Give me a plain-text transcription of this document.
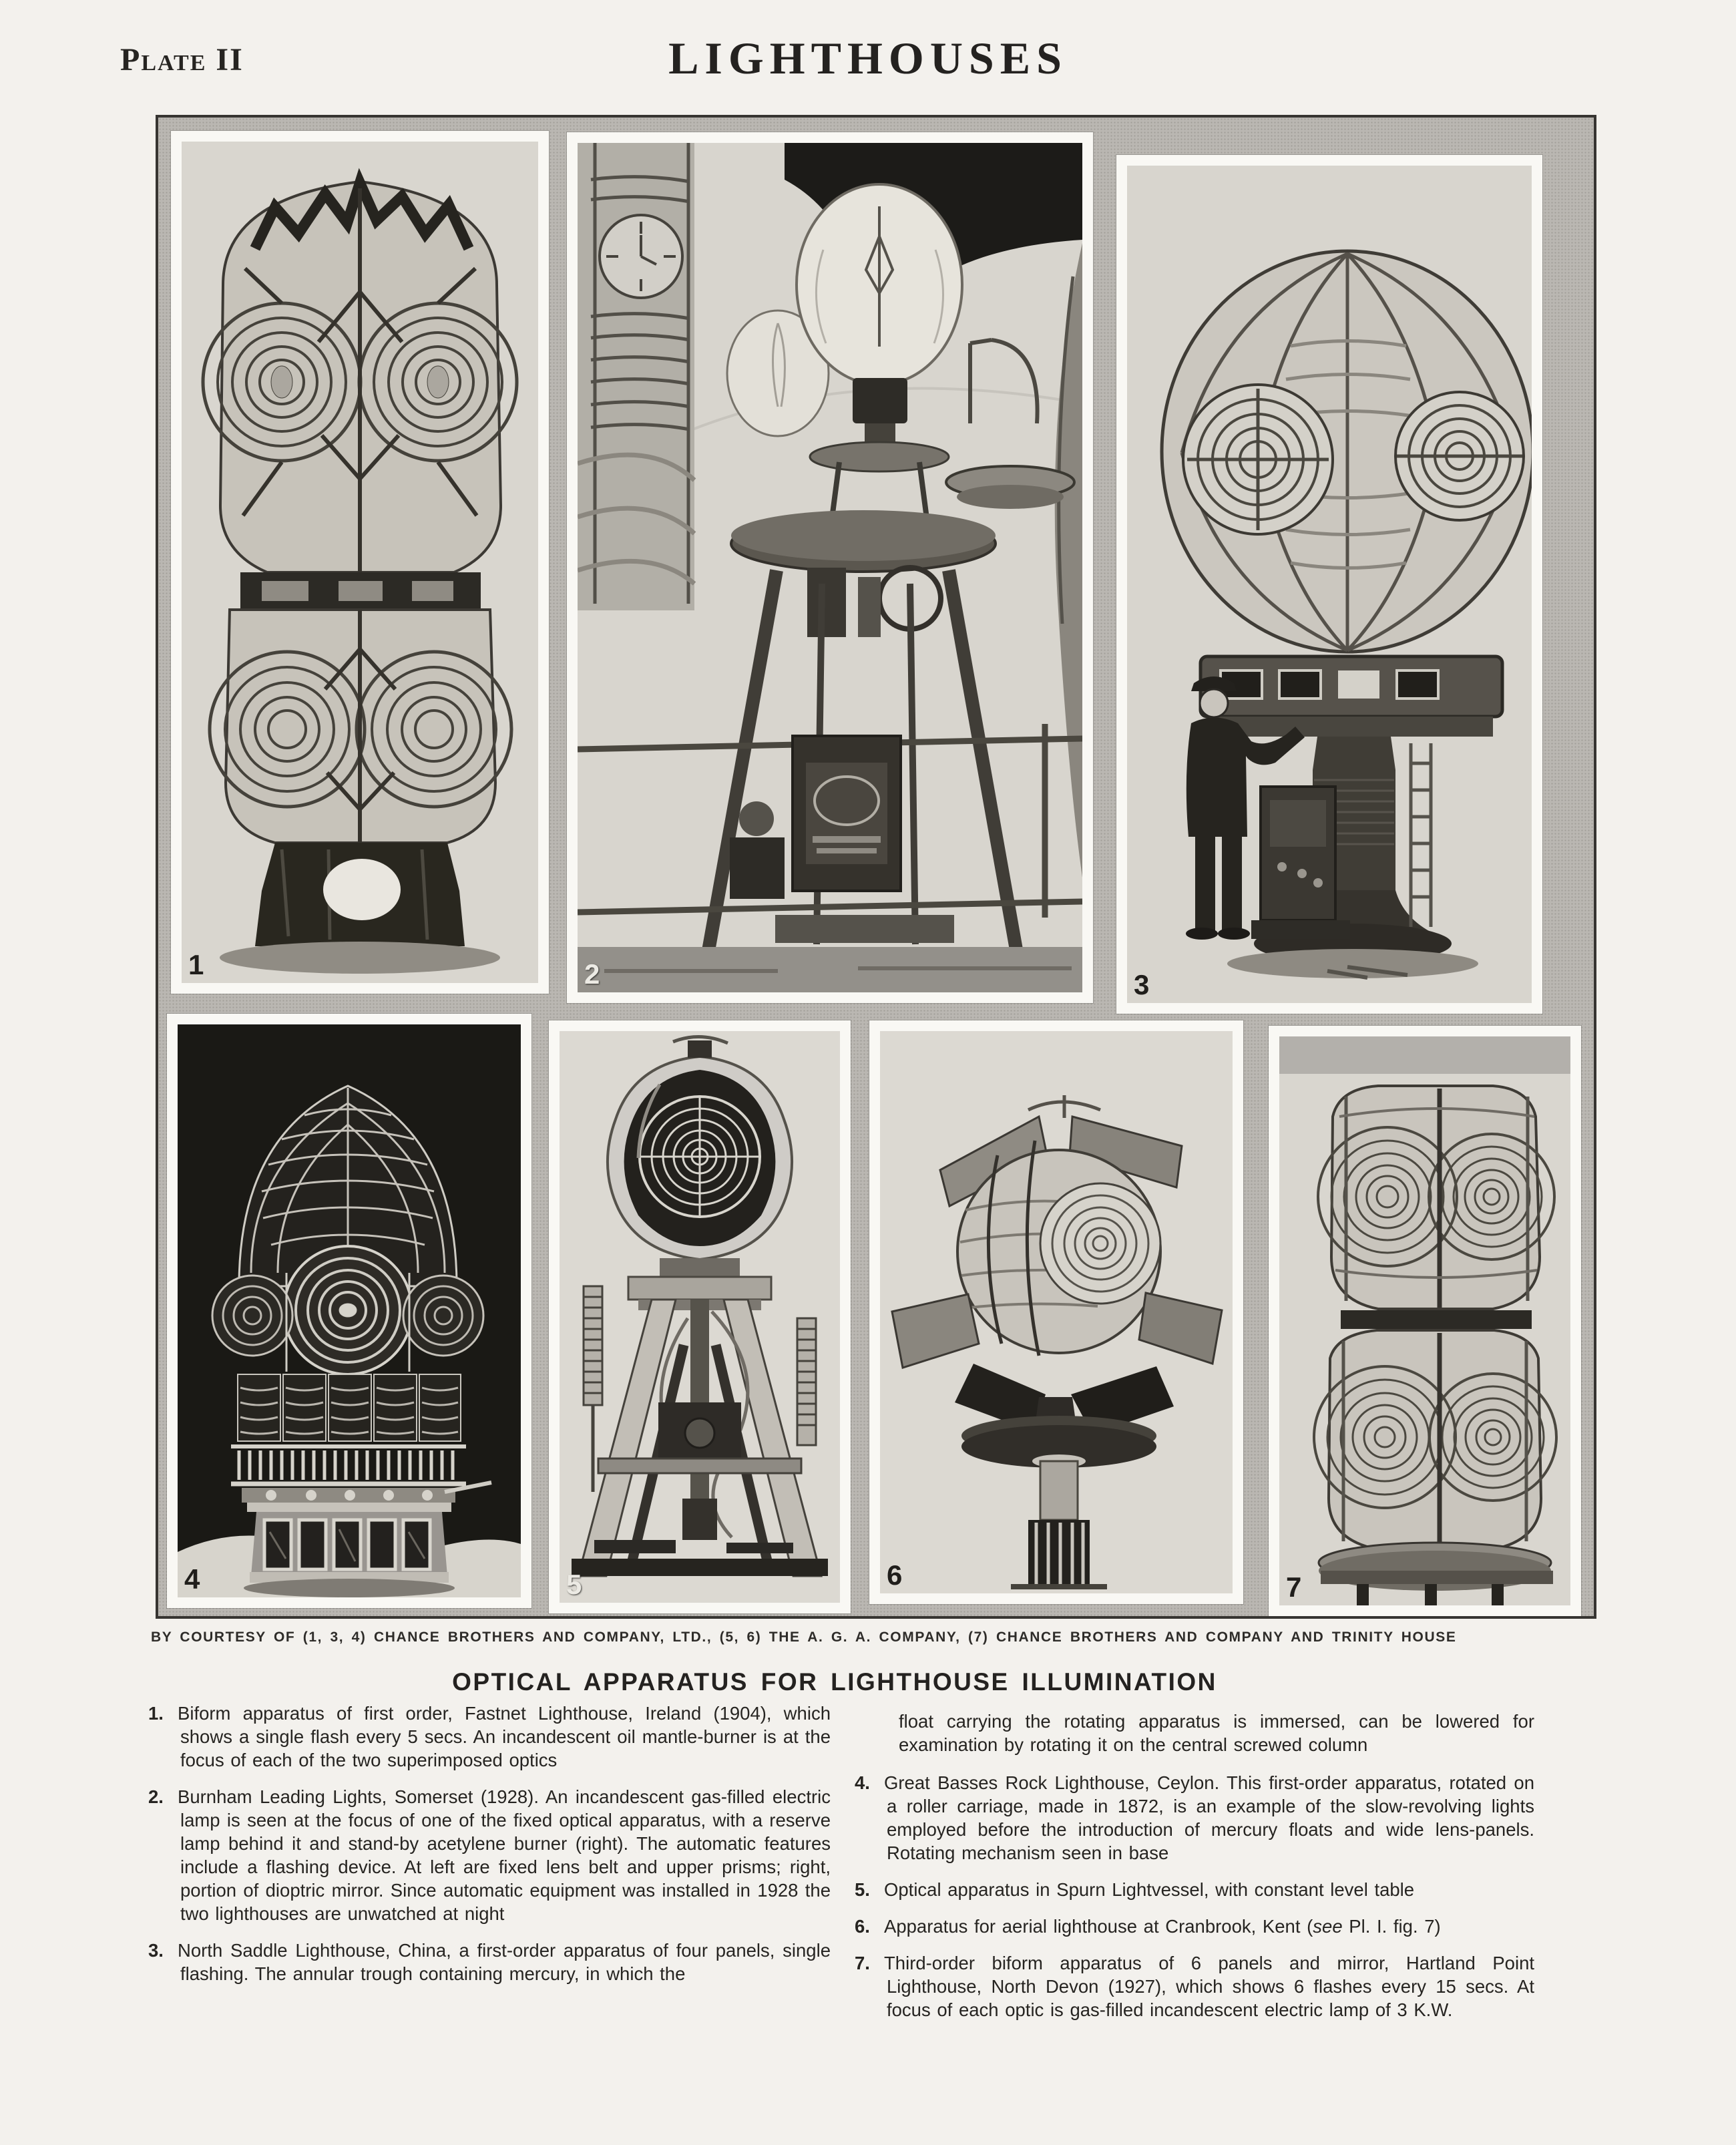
Plate II	LIGHTHOUSES
1	2	3
4	5	6	7
BY COURTESY OF (1, 3, 4) CHANCE BROTHERS AND COMPANY, LTD., (5, 6) THE A. G. A. COMPANY, (7) CHANCE BROTHERS AND COMPANY AND TRINITY HOUSE
OPTICAL APPARATUS FOR LIGHTHOUSE ILLUMINATION

1. Biform apparatus of first order, Fastnet Lighthouse, Ireland (1904), which shows a single flash every 5 secs. An incandescent oil mantle-burner is at the focus of each of the two superimposed optics

2. Burnham Leading Lights, Somerset (1928). An incandescent gas-filled electric lamp is seen at the focus of one of the fixed optical apparatus, with a reserve lamp behind it and stand-by acetylene burner (right). The automatic features include a flashing device. At left are fixed lens belt and upper prisms; right, portion of dioptric mirror. Since automatic equipment was installed in 1928 the two lighthouses are unwatched at night

3. North Saddle Lighthouse, China, a first-order apparatus of four panels, single flashing. The annular trough containing mercury, in which the

float carrying the rotating apparatus is immersed, can be lowered for examination by rotating it on the central screwed column

4. Great Basses Rock Lighthouse, Ceylon. This first-order apparatus, rotated on a roller carriage, made in 1872, is an example of the slow-revolving lights employed before the introduction of mercury floats and wide lens-panels. Rotating mechanism seen in base

5. Optical apparatus in Spurn Lightvessel, with constant level table

6. Apparatus for aerial lighthouse at Cranbrook, Kent (see Pl. I. fig. 7)

7. Third-order biform apparatus of 6 panels and mirror, Hartland Point Lighthouse, North Devon (1927), which shows 6 flashes every 15 secs. At focus of each optic is gas-filled incandescent electric lamp of 3 K.W.
